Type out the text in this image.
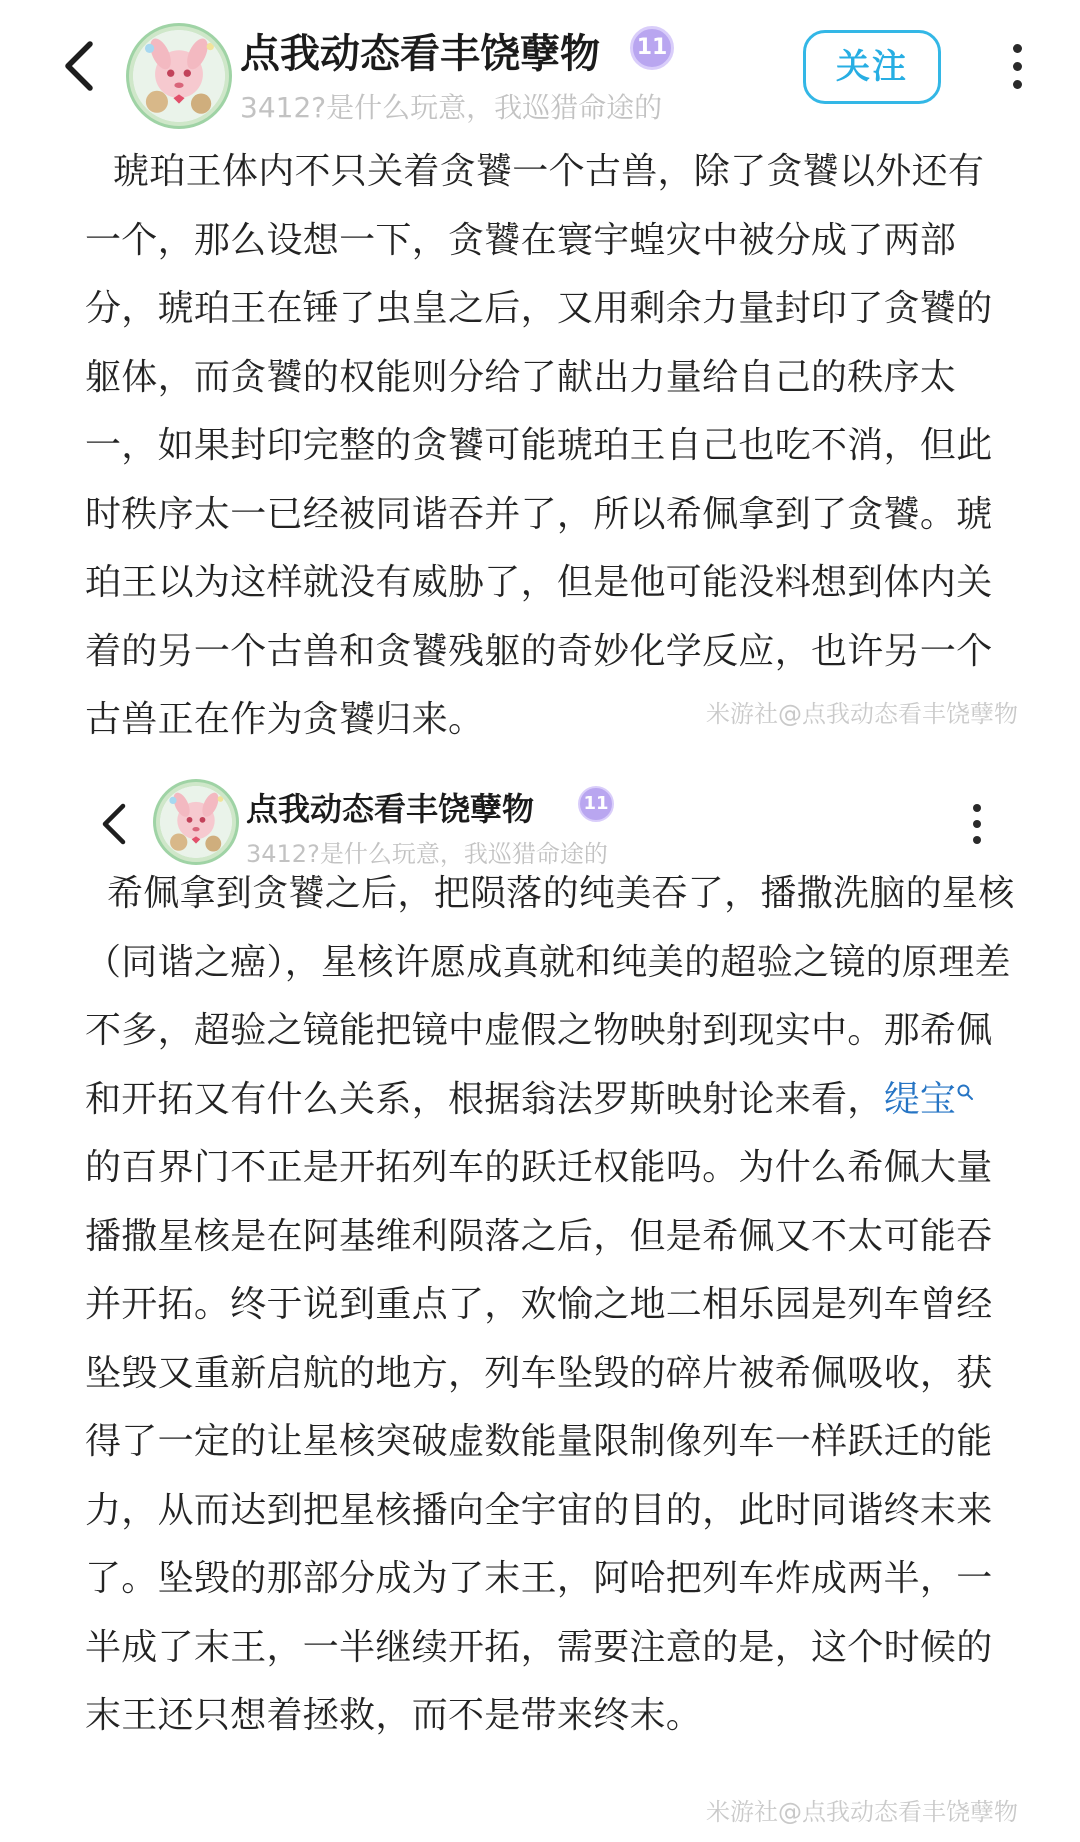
点我动态看丰饶孽物	11
3412?是什么玩意，我巡猎命途的
关注

琥珀王体内不只关着贪饕一个古兽，除了贪饕以外还有一个，那么设想一下，贪饕在寰宇蝗灾中被分成了两部分，琥珀王在锤了虫皇之后，又用剩余力量封印了贪饕的躯体，而贪饕的权能则分给了献出力量给自己的秩序太一，如果封印完整的贪饕可能琥珀王自己也吃不消，但此时秩序太一已经被同谐吞并了，所以希佩拿到了贪饕。琥珀王以为这样就没有威胁了，但是他可能没料想到体内关着的另一个古兽和贪饕残躯的奇妙化学反应，也许另一个古兽正在作为贪饕归来。	米游社@点我动态看丰饶孽物
点我动态看丰饶孽物	11
3412?是什么玩意，我巡猎命途的

希佩拿到贪饕之后，把陨落的纯美吞了，播撒洗脑的星核（同谐之癌），星核许愿成真就和纯美的超验之镜的原理差不多，超验之镜能把镜中虚假之物映射到现实中。那希佩和开拓又有什么关系，根据翁法罗斯映射论来看，缇宝 的百界门不正是开拓列车的跃迁权能吗。为什么希佩大量播撒星核是在阿基维利陨落之后，但是希佩又不太可能吞并开拓。终于说到重点了，欢愉之地二相乐园是列车曾经坠毁又重新启航的地方，列车坠毁的碎片被希佩吸收，获得了一定的让星核突破虚数能量限制像列车一样跃迁的能力，从而达到把星核播向全宇宙的目的，此时同谐终末来了。坠毁的那部分成为了末王，阿哈把列车炸成两半，一半成了末王，一半继续开拓，需要注意的是，这个时候的末王还只想着拯救，而不是带来终末。

米游社@点我动态看丰饶孽物
